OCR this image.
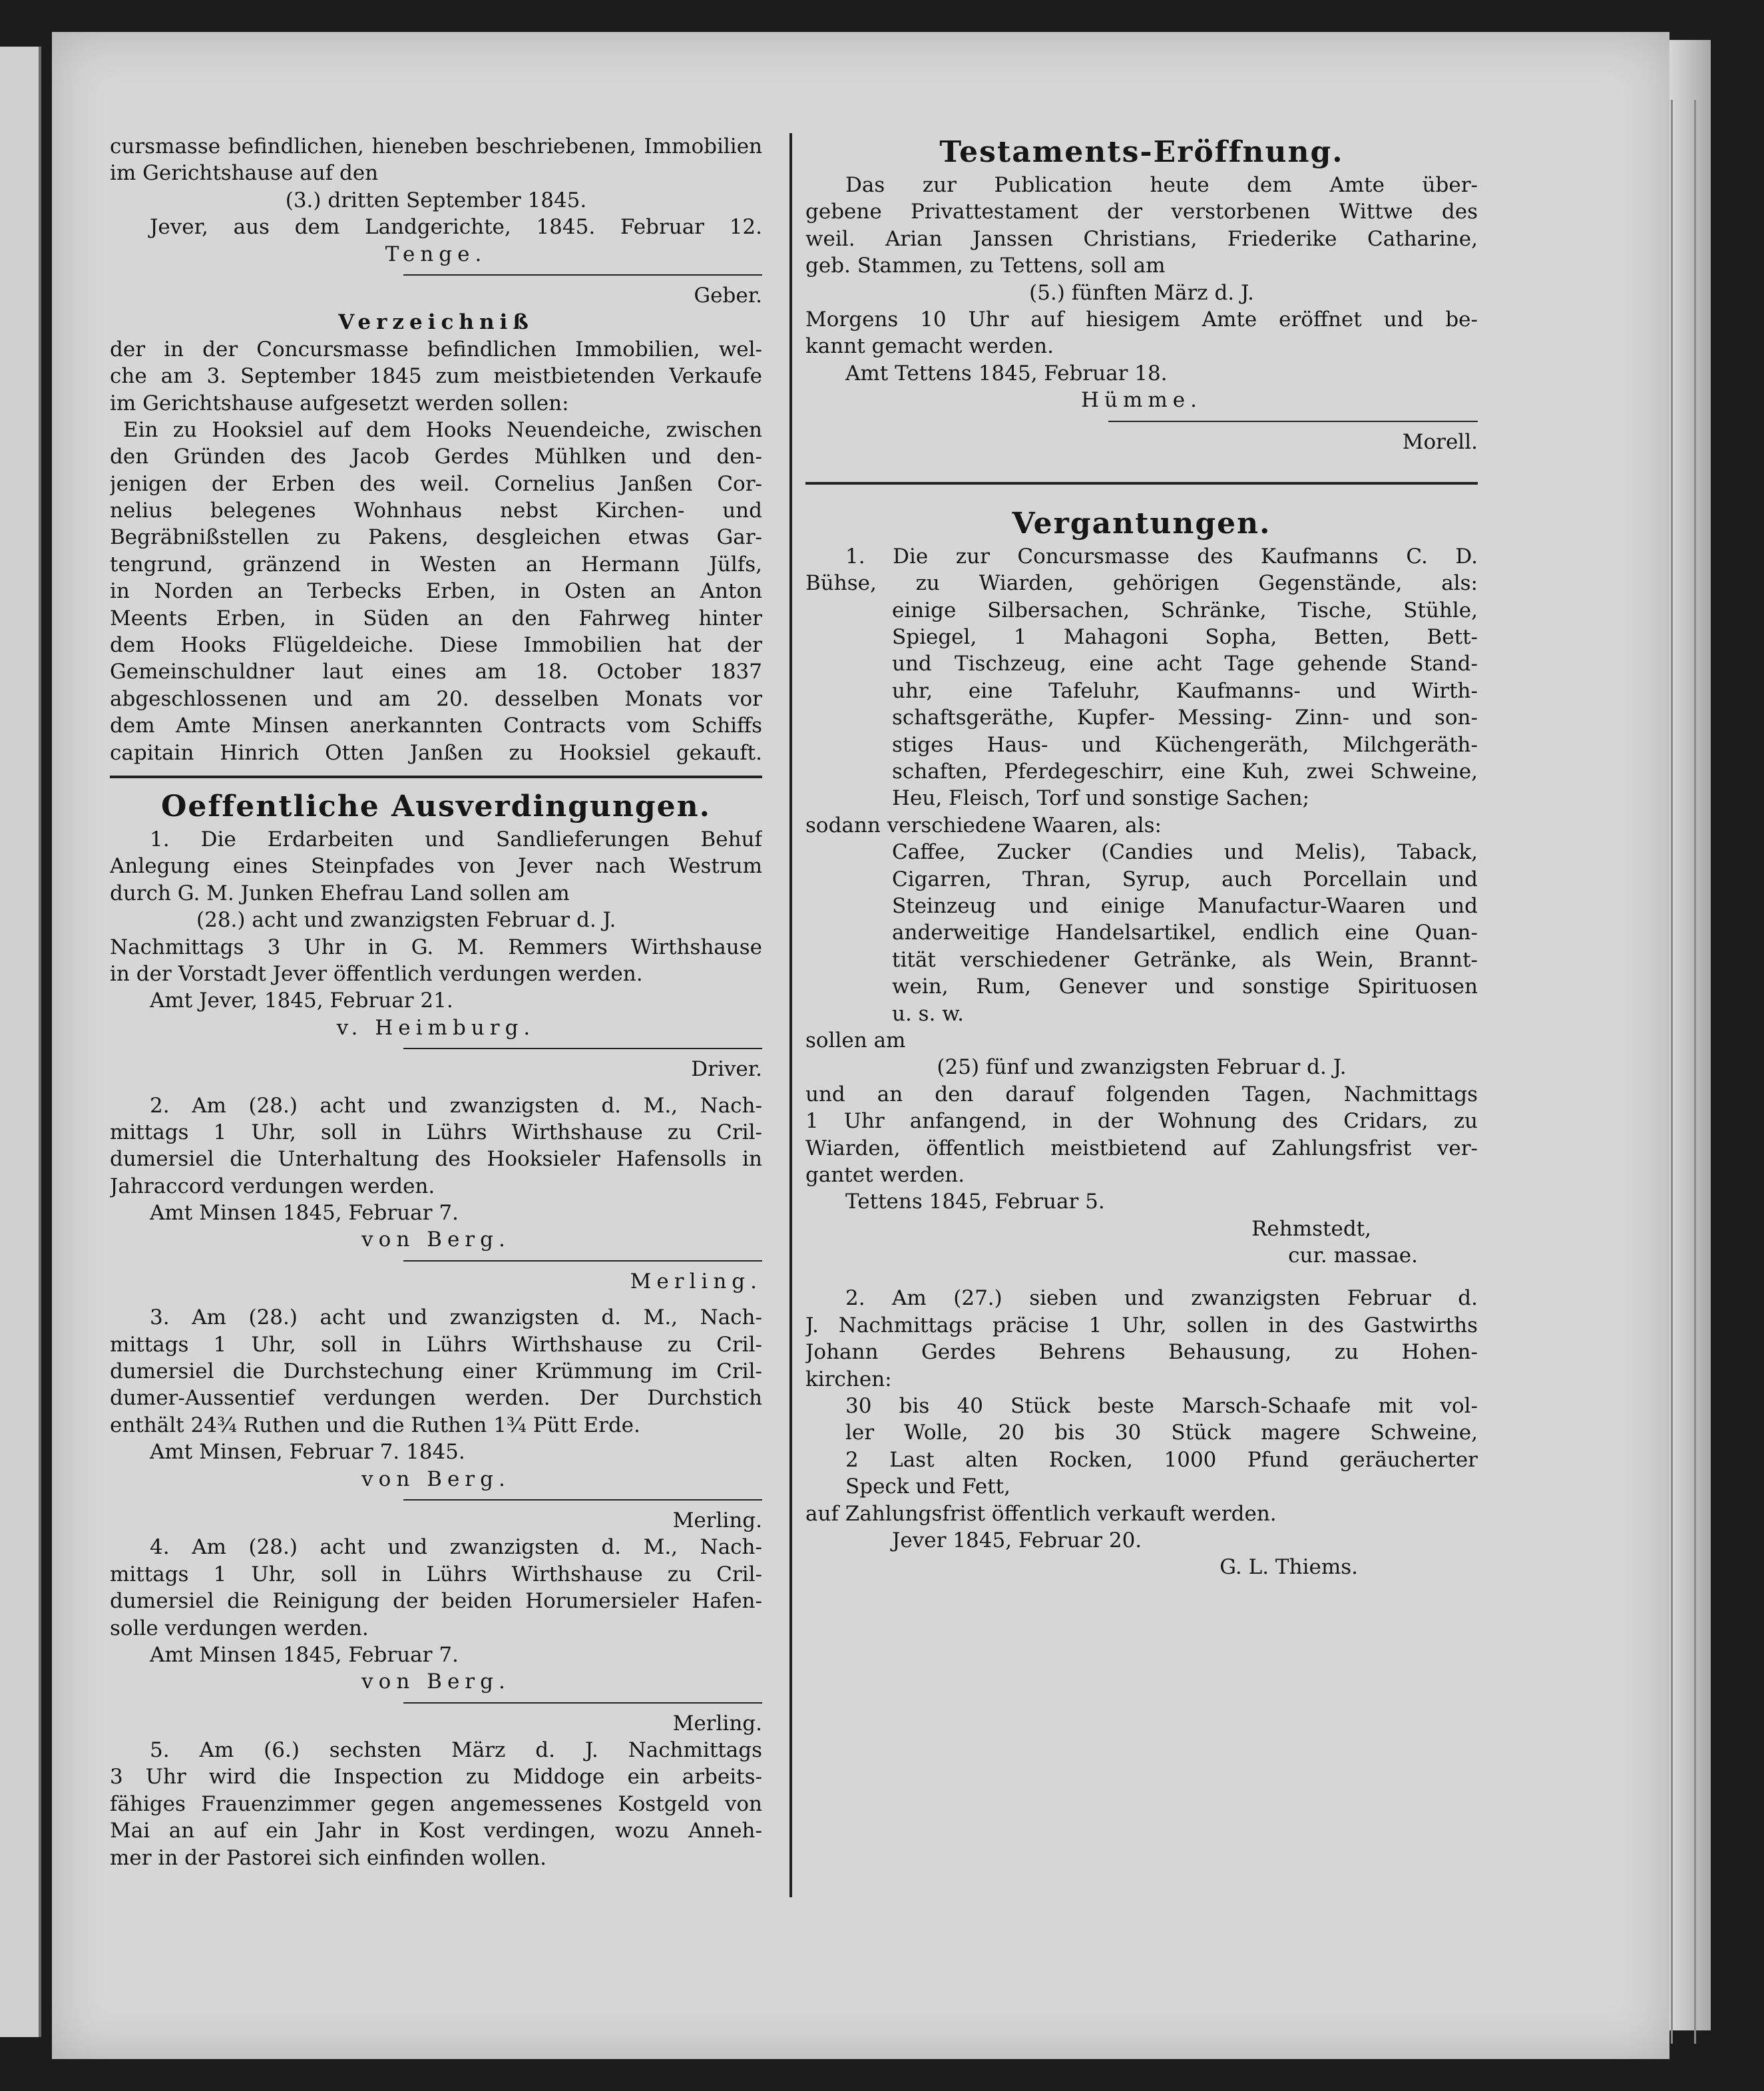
cursmasse befindlichen, hieneben beschriebenen, Immobilien
im Gerichtshause auf den
(3.) dritten September 1845.
Jever, aus dem Landgerichte, 1845. Februar 12.
Tenge.
Geber.
Verzeichniß
der in der Concursmasse befindlichen Immobilien, wel-
che am 3. September 1845 zum meistbietenden Verkaufe
im Gerichtshause aufgesetzt werden sollen:
Ein zu Hooksiel auf dem Hooks Neuendeiche, zwischen
den Gründen des Jacob Gerdes Mühlken und den-
jenigen der Erben des weil. Cornelius Janßen Cor-
nelius belegenes Wohnhaus nebst Kirchen- und
Begräbnißstellen zu Pakens, desgleichen etwas Gar-
tengrund, gränzend in Westen an Hermann Jülfs,
in Norden an Terbecks Erben, in Osten an Anton
Meents Erben, in Süden an den Fahrweg hinter
dem Hooks Flügeldeiche. Diese Immobilien hat der
Gemeinschuldner laut eines am 18. October 1837
abgeschlossenen und am 20. desselben Monats vor
dem Amte Minsen anerkannten Contracts vom Schiffs
capitain Hinrich Otten Janßen zu Hooksiel gekauft.
Oeffentliche Ausverdingungen.
1. Die Erdarbeiten und Sandlieferungen Behuf
Anlegung eines Steinpfades von Jever nach Westrum
durch G. M. Junken Ehefrau Land sollen am
(28.) acht und zwanzigsten Februar d. J.
Nachmittags 3 Uhr in G. M. Remmers Wirthshause
in der Vorstadt Jever öffentlich verdungen werden.
Amt Jever, 1845, Februar 21.
v. Heimburg.
Driver.
2. Am (28.) acht und zwanzigsten d. M., Nach-
mittags 1 Uhr, soll in Lührs Wirthshause zu Cril-
dumersiel die Unterhaltung des Hooksieler Hafensolls in
Jahraccord verdungen werden.
Amt Minsen 1845, Februar 7.
von Berg.
Merling.
3. Am (28.) acht und zwanzigsten d. M., Nach-
mittags 1 Uhr, soll in Lührs Wirthshause zu Cril-
dumersiel die Durchstechung einer Krümmung im Cril-
dumer-Aussentief verdungen werden. Der Durchstich
enthält 24¾ Ruthen und die Ruthen 1¾ Pütt Erde.
Amt Minsen, Februar 7. 1845.
von Berg.
Merling.
4. Am (28.) acht und zwanzigsten d. M., Nach-
mittags 1 Uhr, soll in Lührs Wirthshause zu Cril-
dumersiel die Reinigung der beiden Horumersieler Hafen-
solle verdungen werden.
Amt Minsen 1845, Februar 7.
von Berg.
Merling.
5. Am (6.) sechsten März d. J. Nachmittags
3 Uhr wird die Inspection zu Middoge ein arbeits-
fähiges Frauenzimmer gegen angemessenes Kostgeld von
Mai an auf ein Jahr in Kost verdingen, wozu Anneh-
mer in der Pastorei sich einfinden wollen.
Testaments-Eröffnung.
Das zur Publication heute dem Amte über-
gebene Privattestament der verstorbenen Wittwe des
weil. Arian Janssen Christians, Friederike Catharine,
geb. Stammen, zu Tettens, soll am
(5.) fünften März d. J.
Morgens 10 Uhr auf hiesigem Amte eröffnet und be-
kannt gemacht werden.
Amt Tettens 1845, Februar 18.
Hümme.
Morell.
Vergantungen.
1. Die zur Concursmasse des Kaufmanns C. D.
Bühse, zu Wiarden, gehörigen Gegenstände, als:
einige Silbersachen, Schränke, Tische, Stühle,
Spiegel, 1 Mahagoni Sopha, Betten, Bett-
und Tischzeug, eine acht Tage gehende Stand-
uhr, eine Tafeluhr, Kaufmanns- und Wirth-
schaftsgeräthe, Kupfer- Messing- Zinn- und son-
stiges Haus- und Küchengeräth, Milchgeräth-
schaften, Pferdegeschirr, eine Kuh, zwei Schweine,
Heu, Fleisch, Torf und sonstige Sachen;
sodann verschiedene Waaren, als:
Caffee, Zucker (Candies und Melis), Taback,
Cigarren, Thran, Syrup, auch Porcellain und
Steinzeug und einige Manufactur-Waaren und
anderweitige Handelsartikel, endlich eine Quan-
tität verschiedener Getränke, als Wein, Brannt-
wein, Rum, Genever und sonstige Spirituosen
u. s. w.
sollen am
(25) fünf und zwanzigsten Februar d. J.
und an den darauf folgenden Tagen, Nachmittags
1 Uhr anfangend, in der Wohnung des Cridars, zu
Wiarden, öffentlich meistbietend auf Zahlungsfrist ver-
gantet werden.
Tettens 1845, Februar 5.
Rehmstedt,
cur. massae.
2. Am (27.) sieben und zwanzigsten Februar d.
J. Nachmittags präcise 1 Uhr, sollen in des Gastwirths
Johann Gerdes Behrens Behausung, zu Hohen-
kirchen:
30 bis 40 Stück beste Marsch-Schaafe mit vol-
ler Wolle, 20 bis 30 Stück magere Schweine,
2 Last alten Rocken, 1000 Pfund geräucherter
Speck und Fett,
auf Zahlungsfrist öffentlich verkauft werden.
Jever 1845, Februar 20.
G. L. Thiems.
